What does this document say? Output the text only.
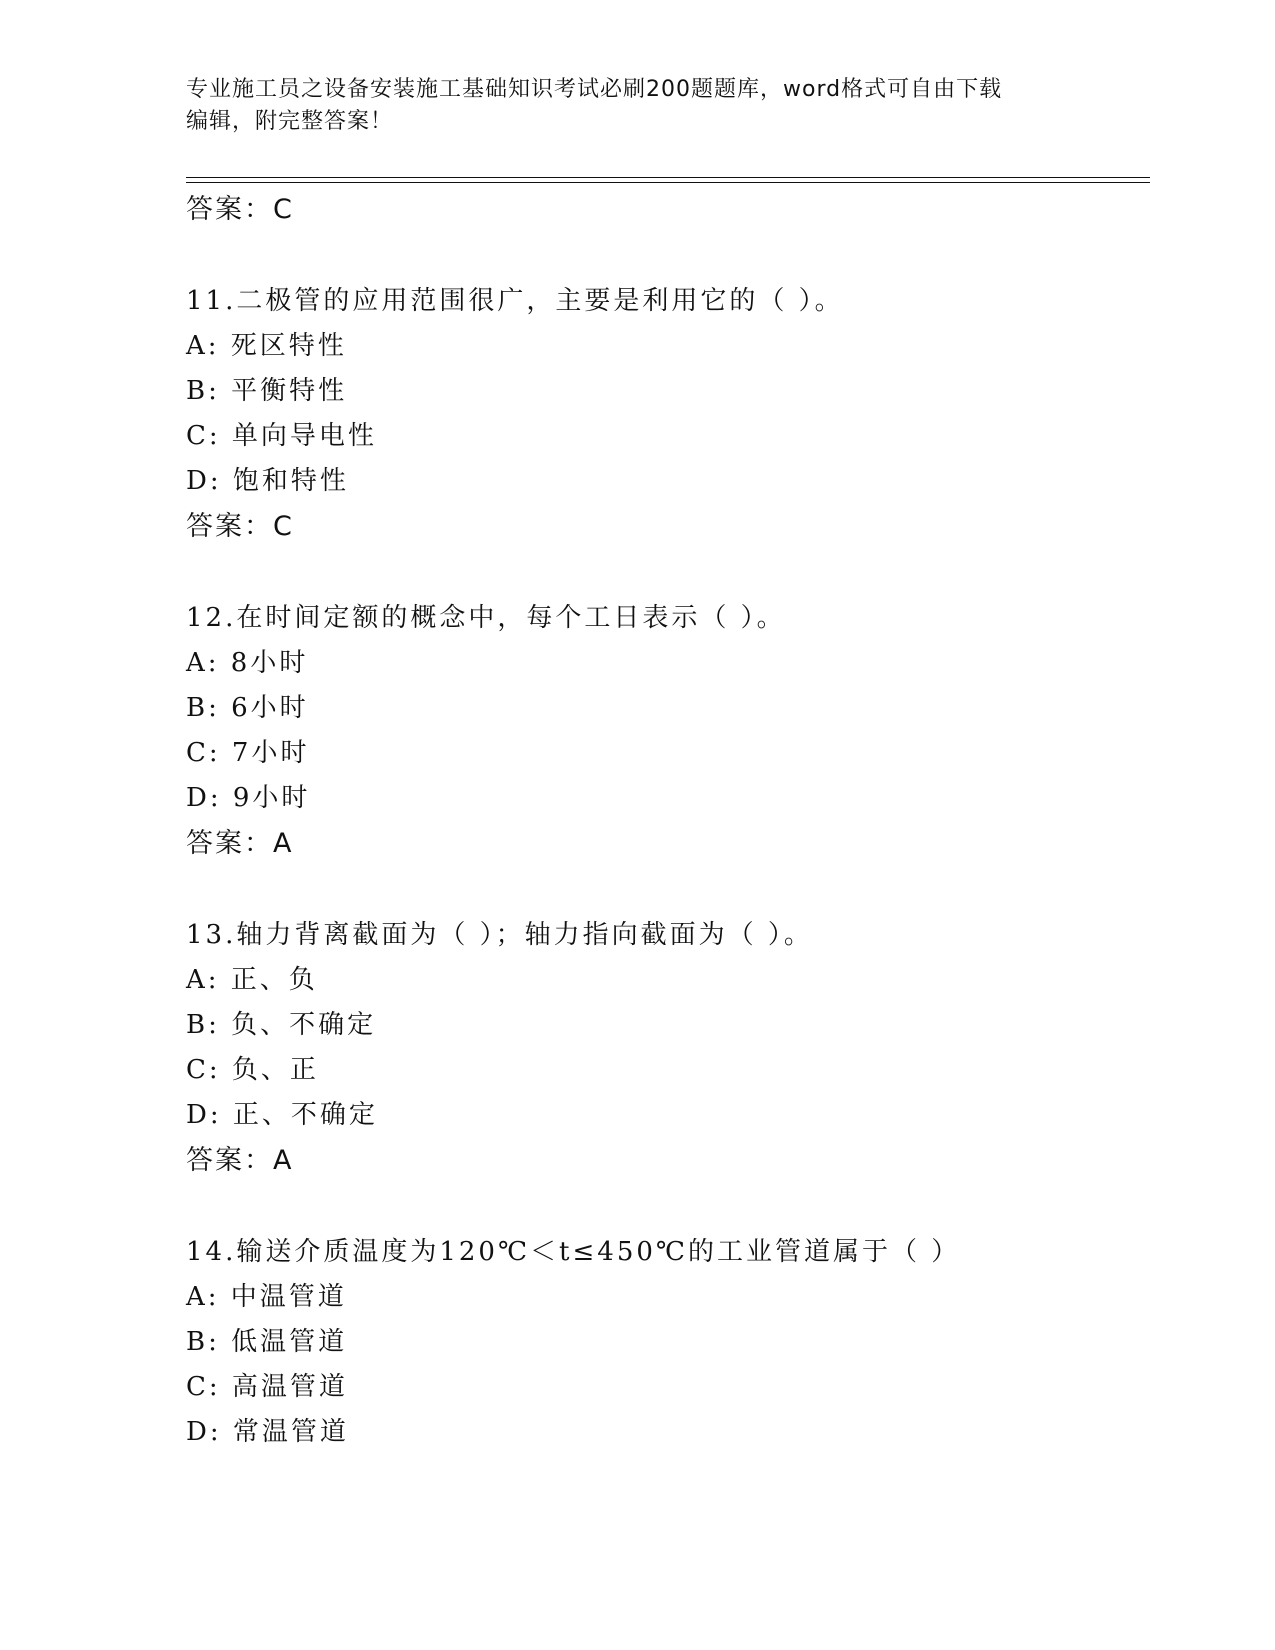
专业施工员之设备安装施工基础知识考试必刷200题题库，word格式可自由下载
编辑，附完整答案！
答案：C
11.二极管的应用范围很广，主要是利用它的（ ）。
A: 死区特性
B: 平衡特性
C: 单向导电性
D: 饱和特性
答案：C
12.在时间定额的概念中，每个工日表示（ ）。
A: 8小时
B: 6小时
C: 7小时
D: 9小时
答案：A
13.轴力背离截面为（ ）；轴力指向截面为（ ）。
A: 正、负
B: 负、不确定
C: 负、正
D: 正、不确定
答案：A
14.输送介质温度为120℃＜t≤450℃的工业管道属于（ ）
A: 中温管道
B: 低温管道
C: 高温管道
D: 常温管道
